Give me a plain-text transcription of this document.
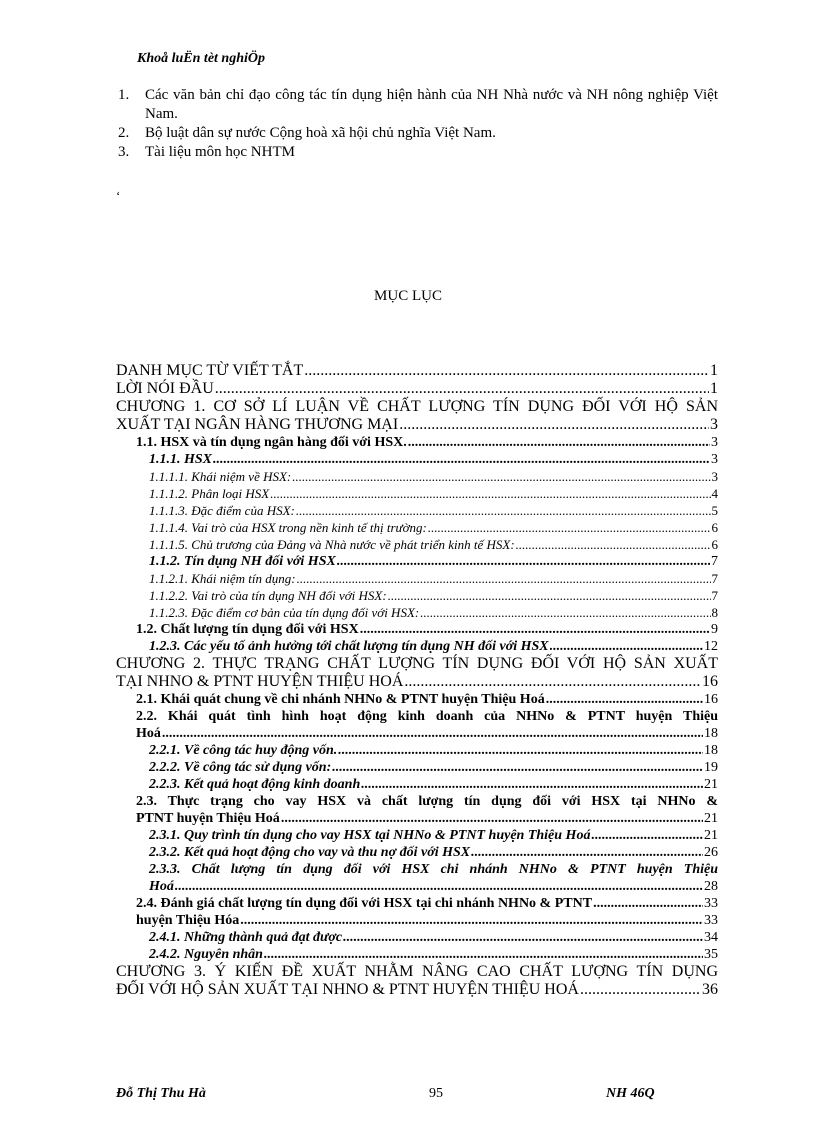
Khoå luËn tèt nghiÖp
1. Các văn bản chỉ đạo công tác tín dụng hiện hành của NH Nhà nước và NH nông nghiệp Việt Nam.
2. Bộ luật dân sự nước Cộng hoà xã hội chủ nghĩa Việt Nam.
3. Tài liệu môn học NHTM
‘
MỤC LỤC
DANH MỤC TỪ VIẾT TẮT .....	1
LỜI NÓI ĐẦU .....	1
CHƯƠNG 1. CƠ SỞ LÍ LUẬN VỀ CHẤT LƯỢNG TÍN DỤNG ĐỐI VỚI HỘ SẢN
XUẤT TẠI NGÂN HÀNG THƯƠNG MẠI .....	3
1.1. HSX và tín dụng ngân hàng đối với HSX. .....	3
1.1.1. HSX .....	3
1.1.1.1. Khái niệm về HSX: .....	3
1.1.1.2. Phân loại HSX .....	4
1.1.1.3. Đặc điểm của HSX: .....	5
1.1.1.4. Vai trò của HSX trong nền kinh tế thị trường: .....	6
1.1.1.5. Chủ trương của Đảng và Nhà nước về phát triển kinh tế HSX: .....	6
1.1.2. Tín dụng NH đối với HSX .....	7
1.1.2.1. Khái niệm tín dụng: .....	7
1.1.2.2. Vai trò của tín dụng NH đối với HSX: .....	7
1.1.2.3. Đặc điểm cơ bản của tín dụng đối với HSX: .....	8
1.2. Chất lượng tín dụng đối với HSX .....	9
1.2.3. Các yếu tố ảnh hưởng tới chất lượng tín dụng NH đối với HSX .....	12
CHƯƠNG 2. THỰC TRẠNG CHẤT LƯỢNG TÍN DỤNG ĐỐI VỚI HỘ SẢN XUẤT
TẠI NHNO & PTNT HUYỆN THIỆU HOÁ .....	16
2.1. Khái quát chung về chi nhánh NHNo & PTNT huyện Thiệu Hoá .....	16
2.2. Khái quát tình hình hoạt động kinh doanh của NHNo & PTNT huyện Thiệu
Hoá .....	18
2.2.1. Về công tác huy động vốn. .....	18
2.2.2. Về công tác sử dụng vốn: .....	19
2.2.3. Kết quả hoạt động kinh doanh .....	21
2.3. Thực trạng cho vay HSX và chất lượng tín dụng đối với HSX tại NHNo &
PTNT huyện Thiệu Hoá .....	21
2.3.1. Quy trình tín dụng cho vay HSX tại NHNo & PTNT huyện Thiệu Hoá .....	21
2.3.2. Kết quả hoạt động cho vay và thu nợ đối với HSX .....	26
2.3.3. Chất lượng tín dụng đối với HSX chi nhánh NHNo & PTNT huyện Thiệu
Hoá .....	28
2.4. Đánh giá chất lượng tín dụng đối với HSX tại chi nhánh NHNo & PTNT .....	33
huyện Thiệu Hóa .....	33
2.4.1. Những thành quả đạt được .....	34
2.4.2. Nguyên nhân .....	35
CHƯƠNG 3. Ý KIẾN ĐỀ XUẤT NHẰM NÂNG CAO CHẤT LƯỢNG TÍN DỤNG
ĐỐI VỚI HỘ SẢN XUẤT TẠI NHNO & PTNT HUYỆN THIỆU HOÁ .....	36
Đỗ Thị Thu Hà	95	NH 46Q
